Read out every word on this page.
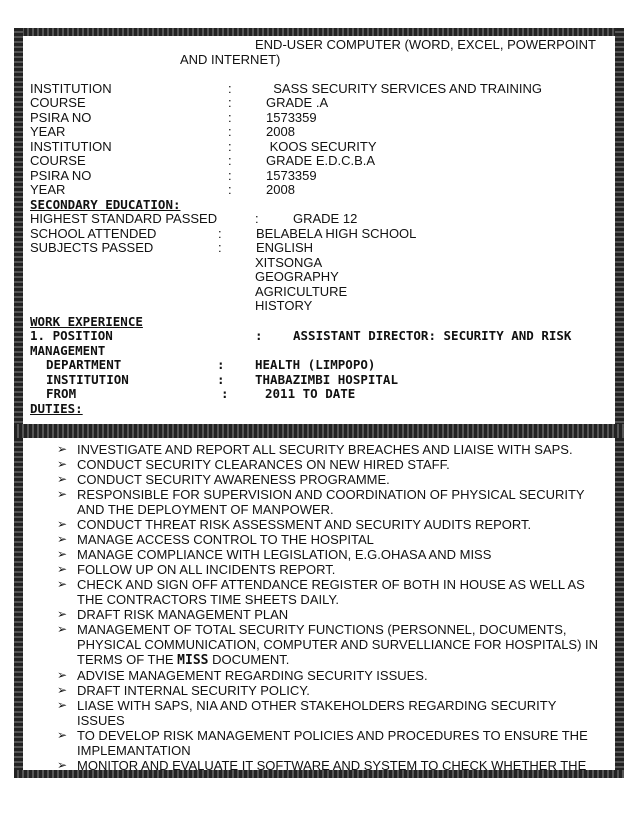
END-USER COMPUTER (WORD, EXCEL, POWERPOINT
AND INTERNET)
INSTITUTION	:	SASS SECURITY SERVICES AND TRAINING
COURSE	:	GRADE .A
PSIRA NO	:	1573359
YEAR	:	2008
INSTITUTION	:	KOOS SECURITY
COURSE	:	GRADE E.D.C.B.A
PSIRA NO	:	1573359
YEAR	:	2008
SECONDARY EDUCATION:
HIGHEST STANDARD PASSED	:	GRADE 12
SCHOOL ATTENDED	:	BELABELA HIGH SCHOOL
SUBJECTS PASSED	:	ENGLISH
XITSONGA
GEOGRAPHY
AGRICULTURE
HISTORY
WORK EXPERIENCE
1. POSITION	: ASSISTANT DIRECTOR: SECURITY AND RISK
MANAGEMENT
DEPARTMENT	: HEALTH (LIMPOPO)
INSTITUTION	: THABAZIMBI HOSPITAL
FROM	:	2011 TO DATE
DUTIES:
➢ INVESTIGATE AND REPORT ALL SECURITY BREACHES AND LIAISE WITH SAPS.
➢ CONDUCT SECURITY CLEARANCES ON NEW HIRED STAFF.
➢ CONDUCT SECURITY AWARENESS PROGRAMME.
➢ RESPONSIBLE FOR SUPERVISION AND COORDINATION OF PHYSICAL SECURITY AND THE DEPLOYMENT OF MANPOWER.
➢ CONDUCT THREAT RISK ASSESSMENT AND SECURITY AUDITS REPORT.
➢ MANAGE ACCESS CONTROL TO THE HOSPITAL
➢ MANAGE COMPLIANCE WITH LEGISLATION, E.G.OHASA AND MISS
➢ FOLLOW UP ON ALL INCIDENTS REPORT.
➢ CHECK AND SIGN OFF ATTENDANCE REGISTER OF BOTH IN HOUSE AS WELL AS THE CONTRACTORS TIME SHEETS DAILY.
➢ DRAFT RISK MANAGEMENT PLAN
➢ MANAGEMENT OF TOTAL SECURITY FUNCTIONS (PERSONNEL, DOCUMENTS, PHYSICAL COMMUNICATION, COMPUTER AND SURVELLIANCE FOR HOSPITALS) IN TERMS OF THE MISS DOCUMENT.
➢ ADVISE MANAGEMENT REGARDING SECURITY ISSUES.
➢ DRAFT INTERNAL SECURITY POLICY.
➢ LIASE WITH SAPS, NIA AND OTHER STAKEHOLDERS REGARDING SECURITY ISSUES
➢ TO DEVELOP RISK MANAGEMENT POLICIES AND PROCEDURES TO ENSURE THE IMPLEMANTATION
➢ MONITOR AND EVALUATE IT SOFTWARE AND SYSTEM TO CHECK WHETHER THE
